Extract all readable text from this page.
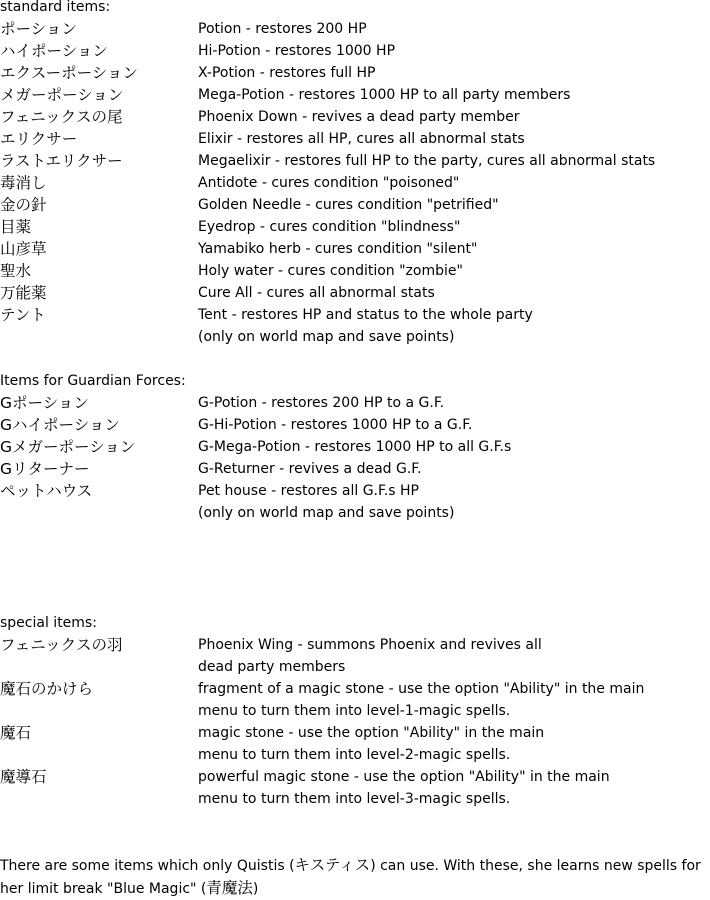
standard items:
ポーション	Potion - restores 200 HP
ハイポーション	Hi-Potion - restores 1000 HP
エクスーポーション	X-Potion - restores full HP
メガーポーション	Mega-Potion - restores 1000 HP to all party members
フェニックスの尾	Phoenix Down - revives a dead party member
エリクサー	Elixir - restores all HP, cures all abnormal stats
ラストエリクサー	Megaelixir - restores full HP to the party, cures all abnormal stats
毒消し	Antidote - cures condition "poisoned"
金の針	Golden Needle - cures condition "petrified"
目薬	Eyedrop - cures condition "blindness"
山彦草	Yamabiko herb - cures condition "silent"
聖水	Holy water - cures condition "zombie"
万能薬	Cure All - cures all abnormal stats
テント	Tent - restores HP and status to the whole party
(only on world map and save points)
Items for Guardian Forces:
Gポーション	G-Potion - restores 200 HP to a G.F.
Gハイポーション	G-Hi-Potion - restores 1000 HP to a G.F.
Gメガーポーション	G-Mega-Potion - restores 1000 HP to all G.F.s
Gリターナー	G-Returner - revives a dead G.F.
ペットハウス	Pet house - restores all G.F.s HP
(only on world map and save points)
special items:
フェニックスの羽	Phoenix Wing - summons Phoenix and revives all
dead party members
魔石のかけら	fragment of a magic stone - use the option "Ability" in the main
menu to turn them into level-1-magic spells.
魔石	magic stone - use the option "Ability" in the main
menu to turn them into level-2-magic spells.
魔導石	powerful magic stone - use the option "Ability" in the main
menu to turn them into level-3-magic spells.
There are some items which only Quistis (キスティス) can use. With these, she learns new spells for her limit break "Blue Magic" (青魔法)
